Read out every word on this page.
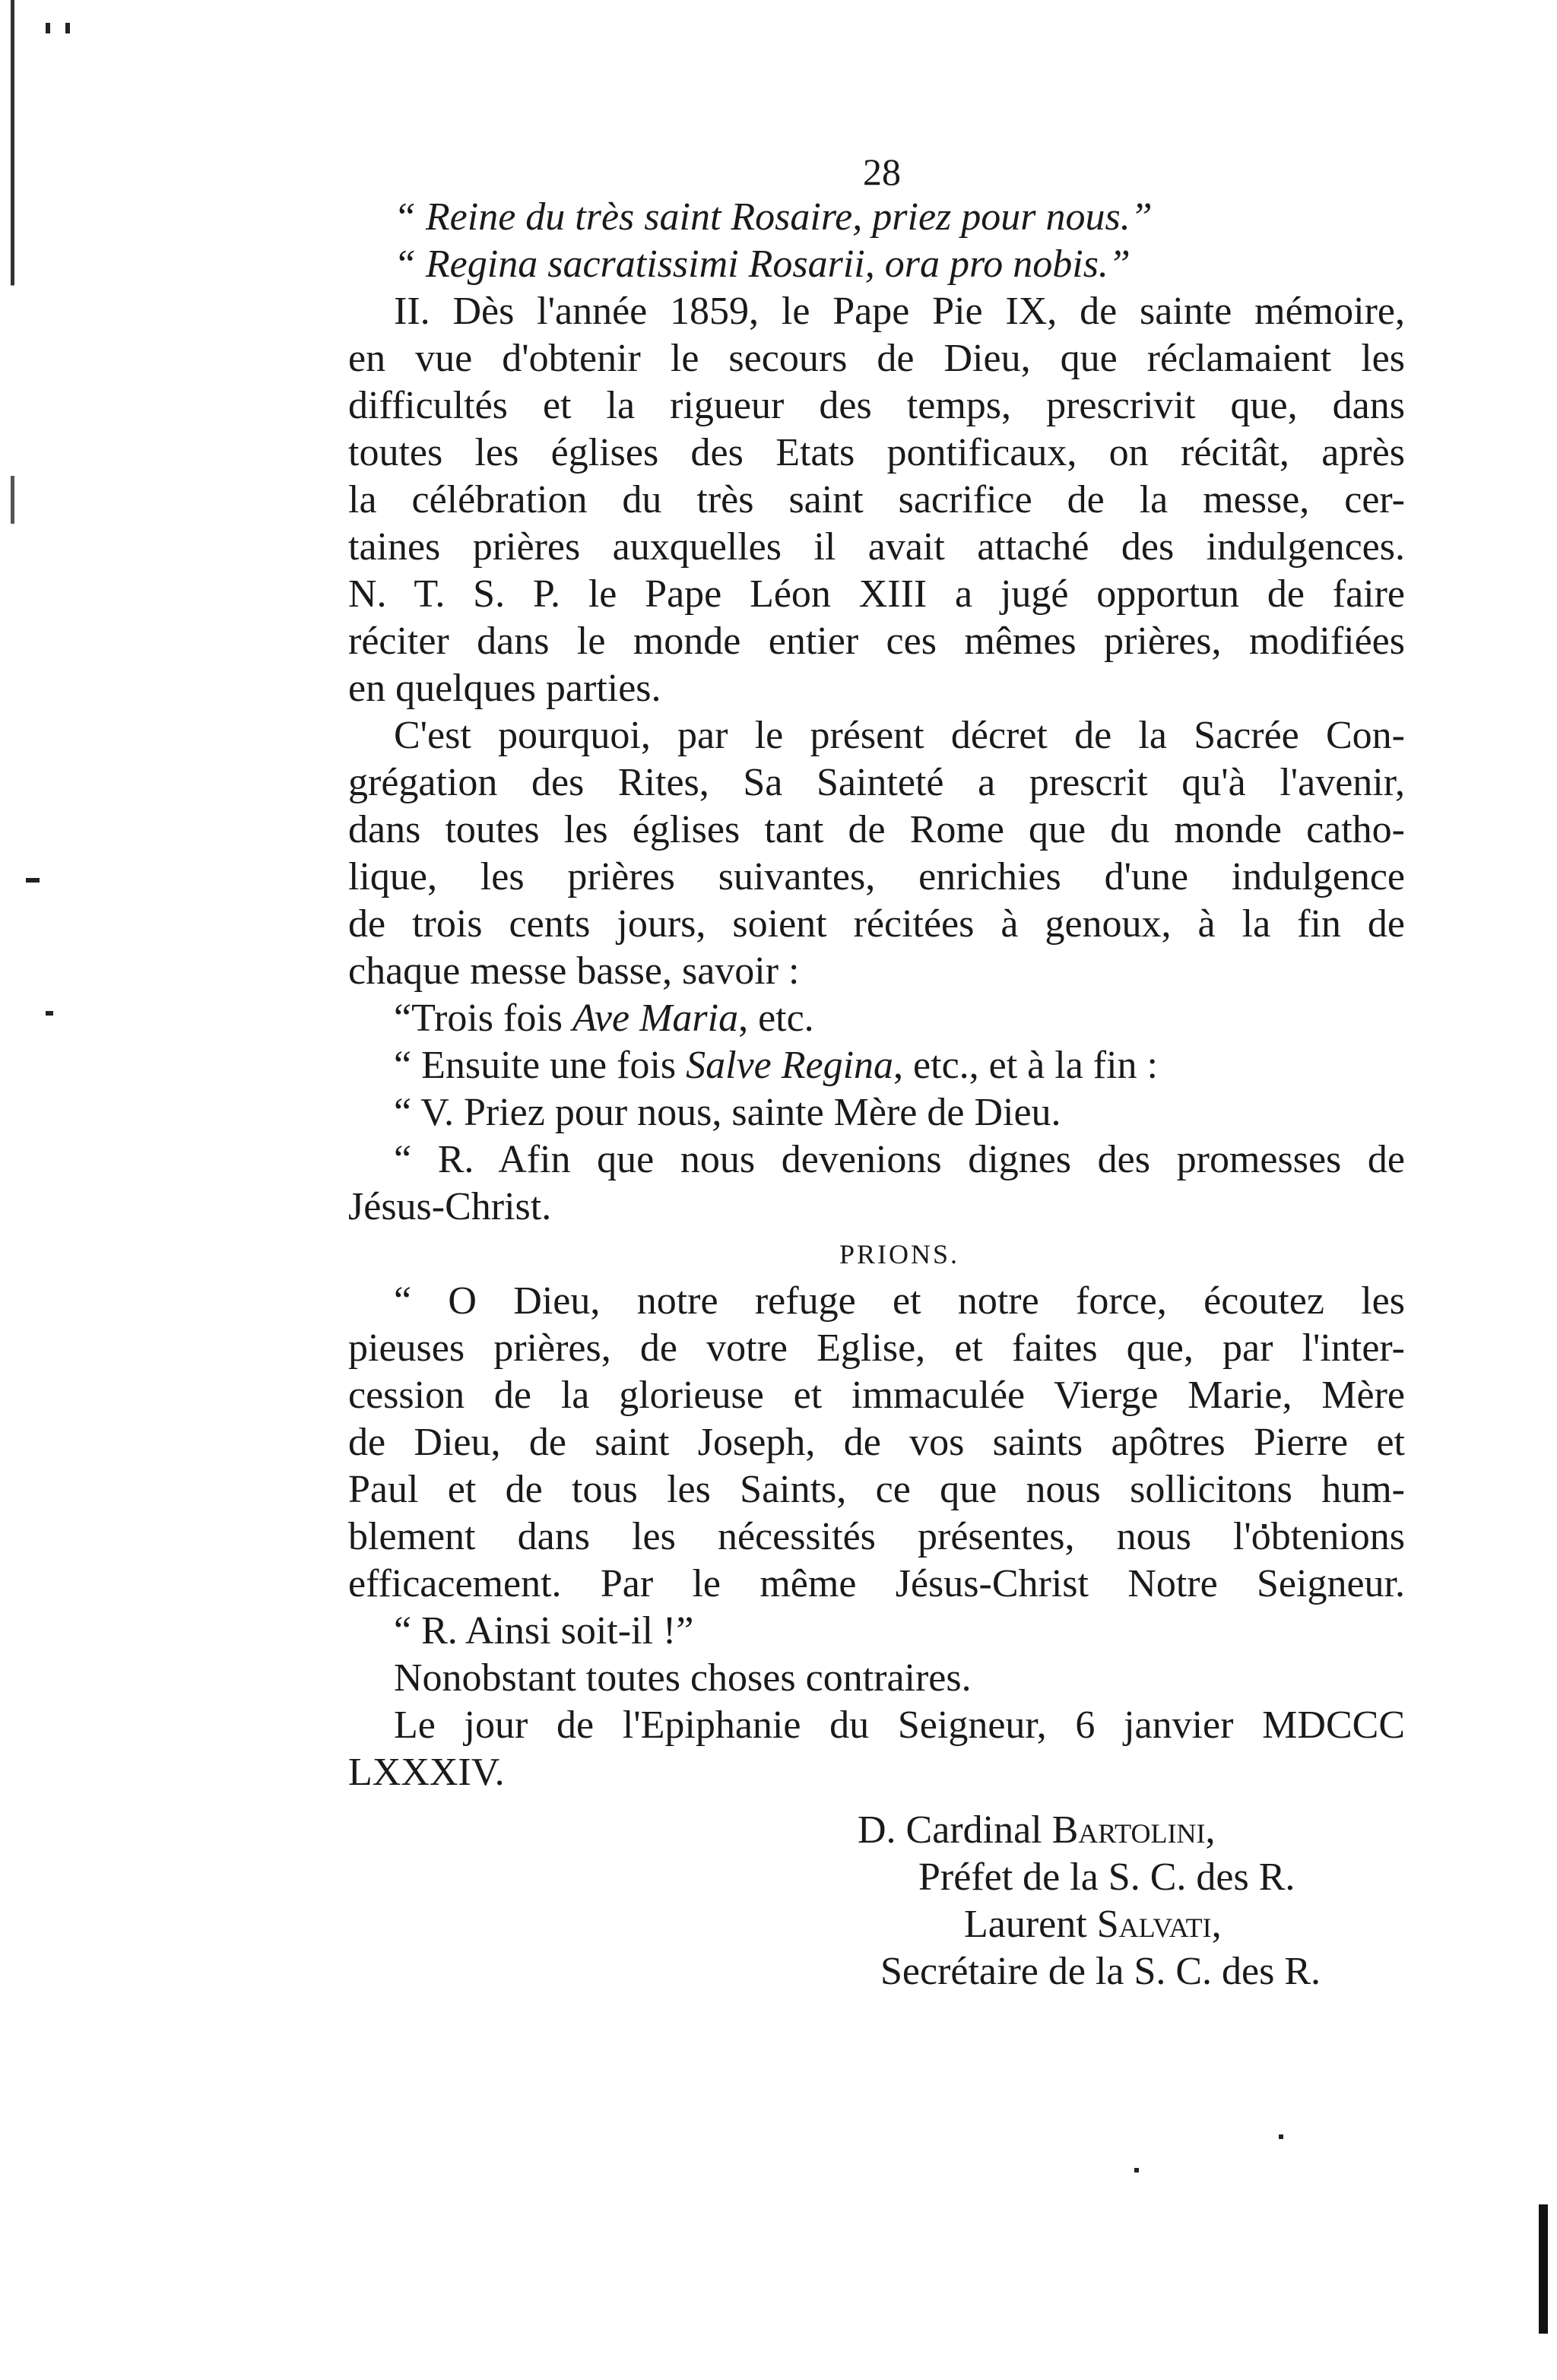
28
“ Reine du très saint Rosaire, priez pour nous.”
“ Regina sacratissimi Rosarii, ora pro nobis.”
II. Dès l'année 1859, le Pape Pie IX, de sainte mémoire,
en vue d'obtenir le secours de Dieu, que réclamaient les
difficultés et la rigueur des temps, prescrivit que, dans
toutes les églises des Etats pontificaux, on récitât, après
la célébration du très saint sacrifice de la messe, cer-
taines prières auxquelles il avait attaché des indulgences.
N. T. S. P. le Pape Léon XIII a jugé opportun de faire
réciter dans le monde entier ces mêmes prières, modifiées
en quelques parties.
C'est pourquoi, par le présent décret de la Sacrée Con-
grégation des Rites, Sa Sainteté a prescrit qu'à l'avenir,
dans toutes les églises tant de Rome que du monde catho-
lique, les prières suivantes, enrichies d'une indulgence
de trois cents jours, soient récitées à genoux, à la fin de
chaque messe basse, savoir :
“Trois fois Ave Maria, etc.
“ Ensuite une fois Salve Regina, etc., et à la fin :
“ V. Priez pour nous, sainte Mère de Dieu.
“ R. Afin que nous devenions dignes des promesses de
Jésus-Christ.
PRIONS.
“ O Dieu, notre refuge et notre force, écoutez les
pieuses prières, de votre Eglise, et faites que, par l'inter-
cession de la glorieuse et immaculée Vierge Marie, Mère
de Dieu, de saint Joseph, de vos saints apôtres Pierre et
Paul et de tous les Saints, ce que nous sollicitons hum-
blement dans les nécessités présentes, nous l'obtenions
efficacement. Par le même Jésus-Christ Notre Seigneur.
“ R. Ainsi soit-il !”
Nonobstant toutes choses contraires.
Le jour de l'Epiphanie du Seigneur, 6 janvier MDCCC
LXXXIV.
D. Cardinal Bartolini,
Préfet de la S. C. des R.
Laurent Salvati,
Secrétaire de la S. C. des R.
